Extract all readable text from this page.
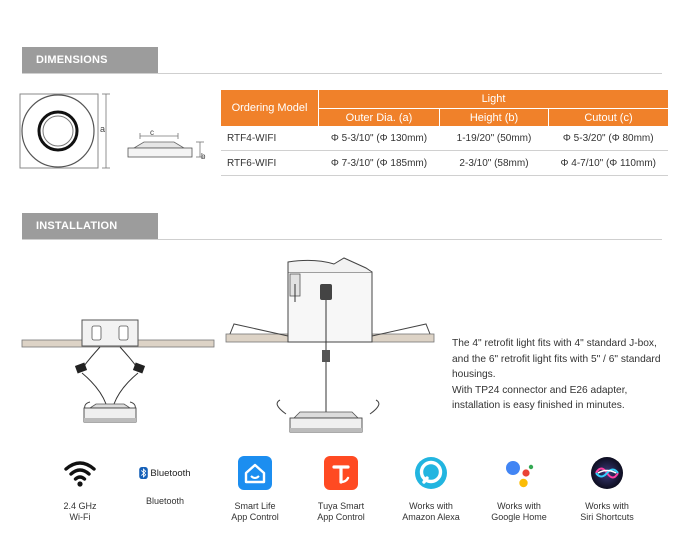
DIMENSIONS
a	c
b
Ordering Model	Light		
	Outer Dia. (a)	Height (b)	Cutout (c)
RTF4-WIFI	Φ 5-3/10" (Φ 130mm)	1-19/20" (50mm)	Φ 5-3/20" (Φ 80mm)
RTF6-WIFI	Φ 7-3/10" (Φ 185mm)	2-3/10" (58mm)	Φ 4-7/10" (Φ 110mm)
INSTALLATION

The 4" retrofit light fits with 4" standard J-box, and the 6" retrofit light fits with 5" / 6" standard housings.

With TP24 connector and E26 adapter, installation is easy finished in minutes.

2.4 GHz
Wi-Fi
Bluetooth
Bluetooth	Smart Life
App Control
Tuya Smart
App Control
Works with
Amazon Alexa
Works with
Google Home
Works with
Siri Shortcuts
